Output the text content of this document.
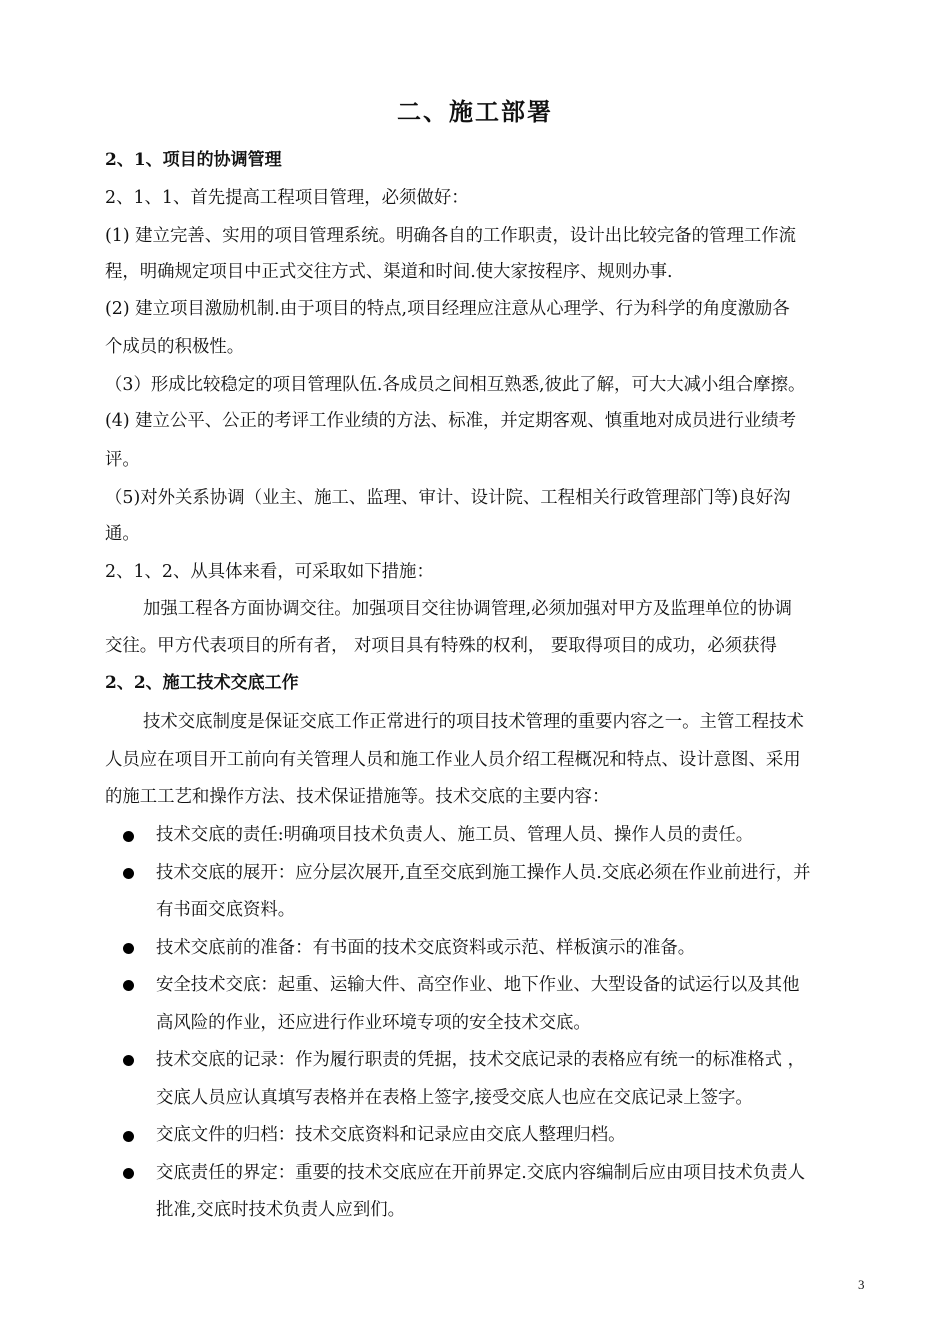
二、施工部署
2、1、项目的协调管理
2、1、1、首先提高工程项目管理，必须做好：
(1) 建立完善、实用的项目管理系统。明确各自的工作职责，设计出比较完备的管理工作流
程，明确规定项目中正式交往方式、渠道和时间.使大家按程序、规则办事.
(2) 建立项目激励机制.由于项目的特点,项目经理应注意从心理学、行为科学的角度激励各
个成员的积极性。
（3）形成比较稳定的项目管理队伍.各成员之间相互熟悉,彼此了解，可大大减小组合摩擦。
(4) 建立公平、公正的考评工作业绩的方法、标准，并定期客观、慎重地对成员进行业绩考
评。
（5)对外关系协调（业主、施工、监理、审计、设计院、工程相关行政管理部门等)良好沟
通。
2、1、2、从具体来看，可采取如下措施：
加强工程各方面协调交往。加强项目交往协调管理,必须加强对甲方及监理单位的协调
交往。甲方代表项目的所有者， 对项目具有特殊的权利， 要取得项目的成功，必须获得
2、2、施工技术交底工作
技术交底制度是保证交底工作正常进行的项目技术管理的重要内容之一。主管工程技术
人员应在项目开工前向有关管理人员和施工作业人员介绍工程概况和特点、设计意图、采用
的施工工艺和操作方法、技术保证措施等。技术交底的主要内容：
技术交底的责任:明确项目技术负责人、施工员、管理人员、操作人员的责任。
技术交底的展开：应分层次展开,直至交底到施工操作人员.交底必须在作业前进行，并
有书面交底资料。
技术交底前的准备：有书面的技术交底资料或示范、样板演示的准备。
安全技术交底：起重、运输大件、高空作业、地下作业、大型设备的试运行以及其他
高风险的作业，还应进行作业环境专项的安全技术交底。
技术交底的记录：作为履行职责的凭据，技术交底记录的表格应有统一的标准格式 ，
交底人员应认真填写表格并在表格上签字,接受交底人也应在交底记录上签字。
交底文件的归档：技术交底资料和记录应由交底人整理归档。
交底责任的界定：重要的技术交底应在开前界定.交底内容编制后应由项目技术负责人
批准,交底时技术负责人应到们。
3
